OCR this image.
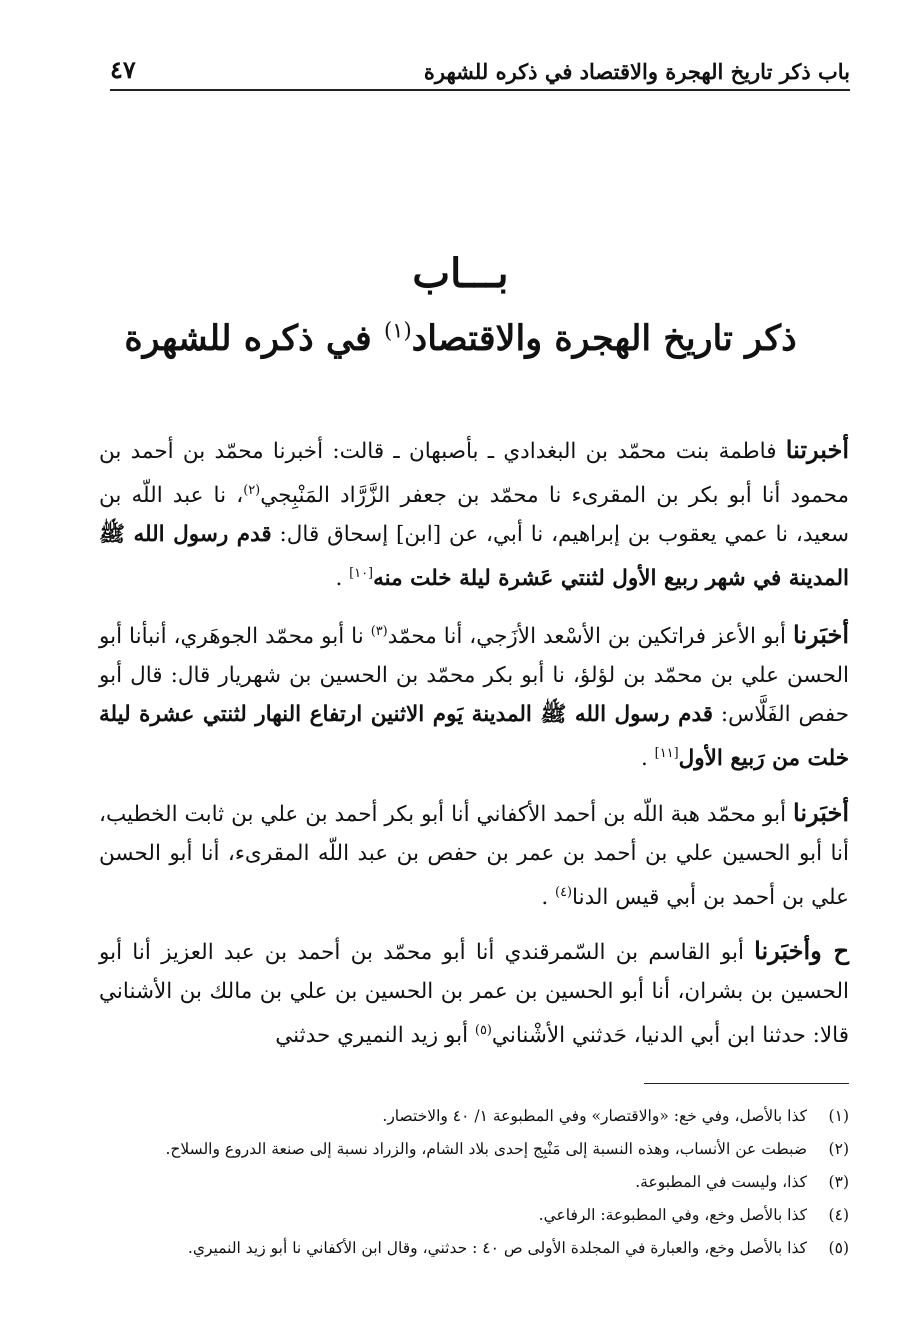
باب ذكر تاريخ الهجرة والاقتصاد في ذكره للشهرة
٤٧
بـــاب
ذكر تاريخ الهجرة والاقتصاد$^{(١)}$ في ذكره للشهرة

أخبرتنا فاطمة بنت محمّد بن البغدادي ـ بأصبهان ـ قالت: أخبرنا محمّد بن أحمد بن محمود أنا أبو بكر بن المقرىء نا محمّد بن جعفر الزَّرَّاد المَنْبِجي$^{(٢)}$، نا عبد اللّه بن سعيد، نا عمي يعقوب بن إبراهيم، نا أبي، عن [ابن] إسحاق قال: قدم رسول الله ﷺ المدينة في شهر ربيع الأول لثنتي عَشرة ليلة خلت منه[١٠] .

أخبَرنا أبو الأعز فراتكين بن الأسْعد الأزَجي، أنا محمّد$^{(٣)}$ نا أبو محمّد الجوهَري، أنبأنا أبو الحسن علي بن محمّد بن لؤلؤ، نا أبو بكر محمّد بن الحسين بن شهريار قال: قال أبو حفص الفَلَّاس: قدم رسول الله ﷺ المدينة يَوم الاثنين ارتفاع النهار لثنتي عشرة ليلة خلت من رَبيع الأول[١١] .

أخبَرنا أبو محمّد هبة اللّه بن أحمد الأكفاني أنا أبو بكر أحمد بن علي بن ثابت الخطيب، أنا أبو الحسين علي بن أحمد بن عمر بن حفص بن عبد اللّه المقرىء، أنا أبو الحسن علي بن أحمد بن أبي قيس الدنا$^{(٤)}$ .

ح وأخبَرنا أبو القاسم بن السّمرقندي أنا أبو محمّد بن أحمد بن عبد العزيز أنا أبو الحسين بن بشران، أنا أبو الحسين بن عمر بن الحسين بن علي بن مالك بن الأشناني قالا: حدثنا ابن أبي الدنيا، حَدثني الأشْناني$^{(٥)}$ أبو زيد النميري حدثني

(١)
كذا بالأصل، وفي خع: «والاقتصار» وفي المطبوعة ١/ ٤٠ والاختصار.
(٢)
ضبطت عن الأنساب، وهذه النسبة إلى مَنْبِج إحدى بلاد الشام، والزراد نسبة إلى صنعة الدروع والسلاح.
(٣)
كذا، وليست في المطبوعة.
(٤)
كذا بالأصل وخع، وفي المطبوعة: الرفاعي.
(٥)
كذا بالأصل وخع، والعبارة في المجلدة الأولى ص ٤٠ : حدثني، وقال ابن الأكفاني نا أبو زيد النميري.
